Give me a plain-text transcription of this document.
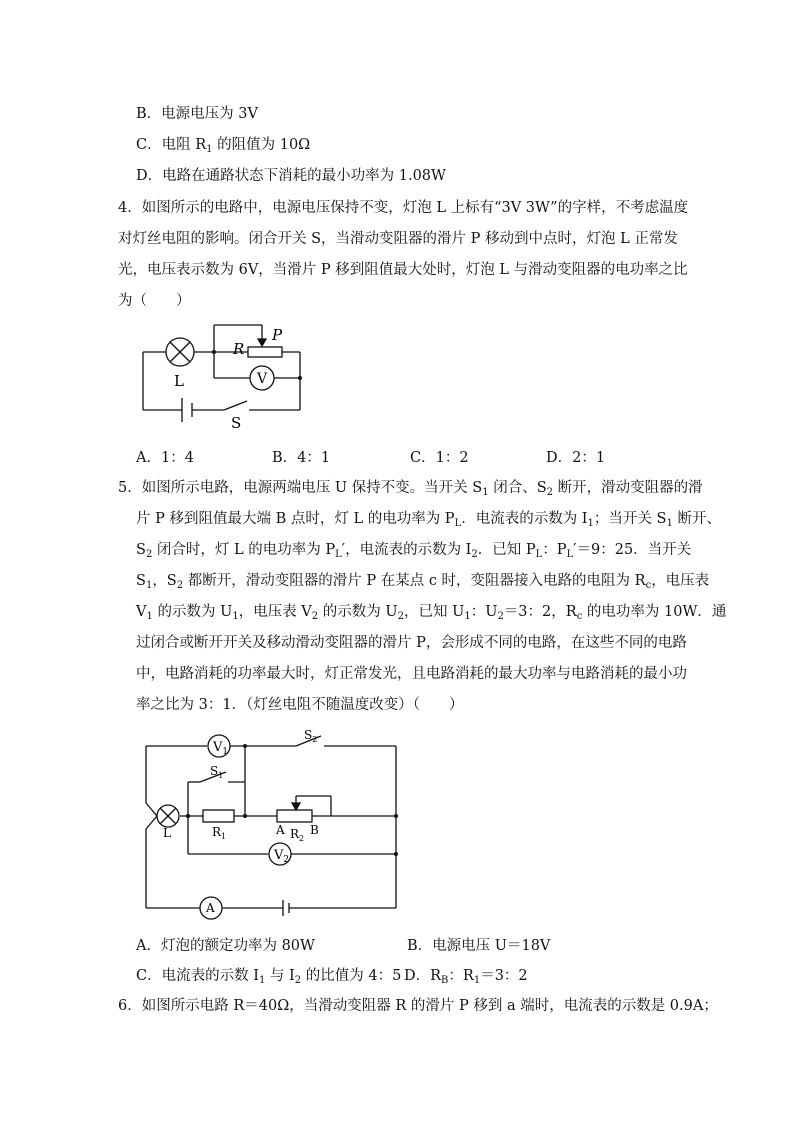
B．电源电压为 3V
C．电阻 $R_1$ 的阻值为 10Ω
D．电路在通路状态下消耗的最小功率为 1.08W
4．如图所示的电路中，电源电压保持不变，灯泡 L 上标有“3V 3W”的字样，不考虑温度
对灯丝电阻的影响。闭合开关 S，当滑动变阻器的滑片 P 移动到中点时，灯泡 L 正常发
光，电压表示数为 6V，当滑片 P 移到阻值最大处时，灯泡 L 与滑动变阻器的电功率之比
为（　　）
L
R
P
V
S
A．1：4	B．4：1	C．1：2	D．2：1
5．如图所示电路，电源两端电压 U 保持不变。当开关 $S_1$ 闭合、$S_2$ 断开，滑动变阻器的滑
片 P 移到阻值最大端 B 点时，灯 L 的电功率为 $P_L$．电流表的示数为 $I_1$；当开关 $S_1$ 断开、
$S_2$ 闭合时，灯 L 的电功率为 $P_L'$，电流表的示数为 $I_2$．已知 $P_L$：$P_L'=9$：25．当开关
$S_1$，$S_2$ 都断开，滑动变阻器的滑片 P 在某点 c 时，变阻器接入电路的电阻为 $R_c$，电压表
$V_1$ 的示数为 $U_1$，电压表 $V_2$ 的示数为 $U_2$，已知 $U_1$：$U_2=3$：2，$R_c$ 的电功率为 10W．通
过闭合或断开开关及移动滑动变阻器的滑片 P，会形成不同的电路，在这些不同的电路
中，电路消耗的功率最大时，灯正常发光，且电路消耗的最大功率与电路消耗的最小功
率之比为 3：1．（灯丝电阻不随温度改变）（　　）
$V_1$
$S_2$
$S_1$
L	$R_1$	A $R_2$
B
$V_2$
A
A．灯泡的额定功率为 80W	B．电源电压 U＝18V
C．电流表的示数 $I_1$ 与 $I_2$ 的比值为 4：5 D．$R_B$：$R_1=3$：2
6．如图所示电路 R＝40Ω，当滑动变阻器 R 的滑片 P 移到 a 端时，电流表的示数是 0.9A；
